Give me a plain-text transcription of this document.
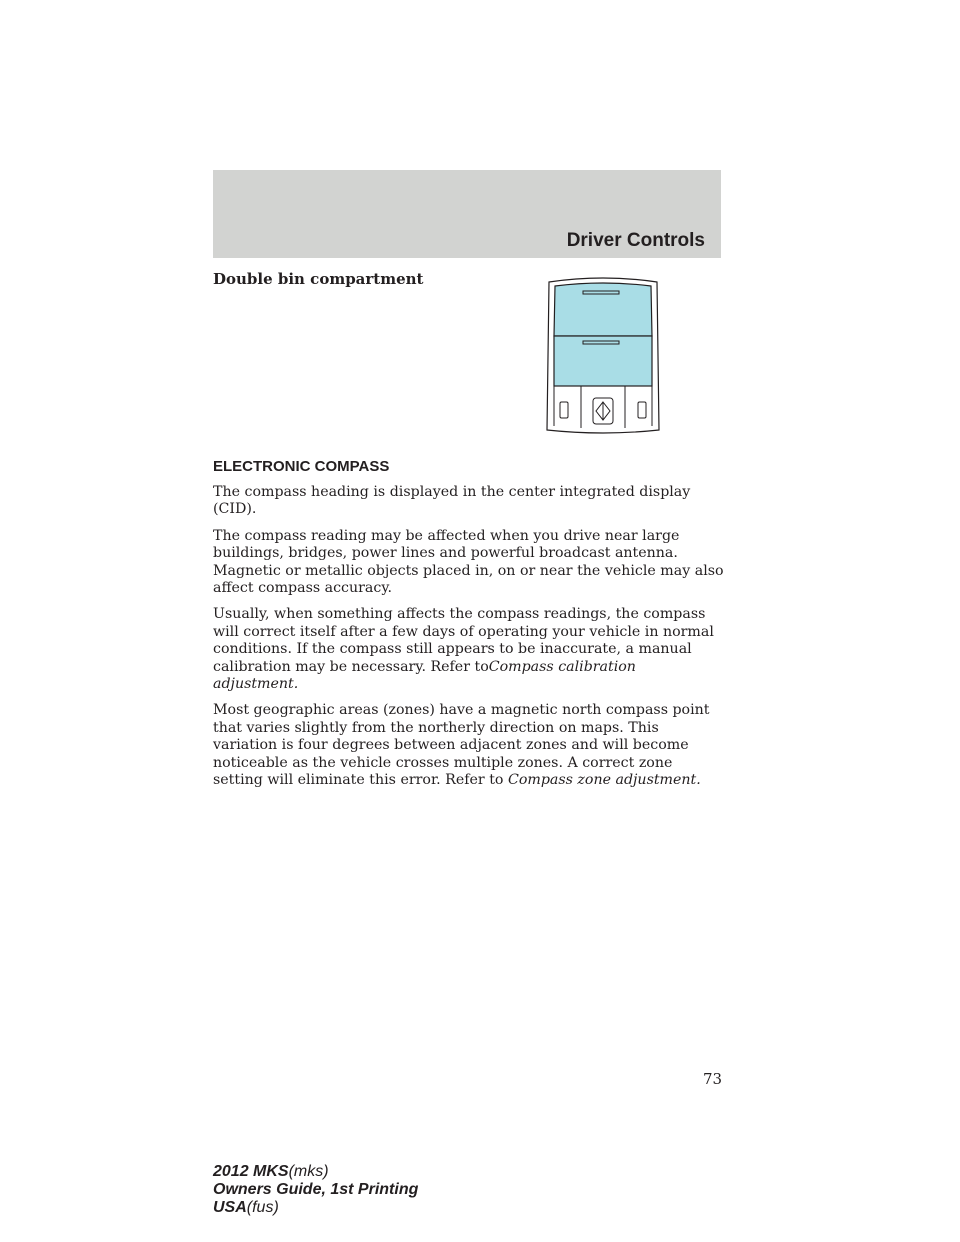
Driver Controls
Double bin compartment
ELECTRONIC COMPASS

The compass heading is displayed in the center integrated display (CID).

The compass reading may be affected when you drive near large buildings, bridges, power lines and powerful broadcast antenna. Magnetic or metallic objects placed in, on or near the vehicle may also affect compass accuracy.

Usually, when something affects the compass readings, the compass will correct itself after a few days of operating your vehicle in normal conditions. If the compass still appears to be inaccurate, a manual calibration may be necessary. Refer toCompass calibration adjustment.

Most geographic areas (zones) have a magnetic north compass point that varies slightly from the northerly direction on maps. This variation is four degrees between adjacent zones and will become noticeable as the vehicle crosses multiple zones. A correct zone setting will eliminate this error. Refer to Compass zone adjustment.

73

2012 MKS(mks)
Owners Guide, 1st Printing
USA(fus)
